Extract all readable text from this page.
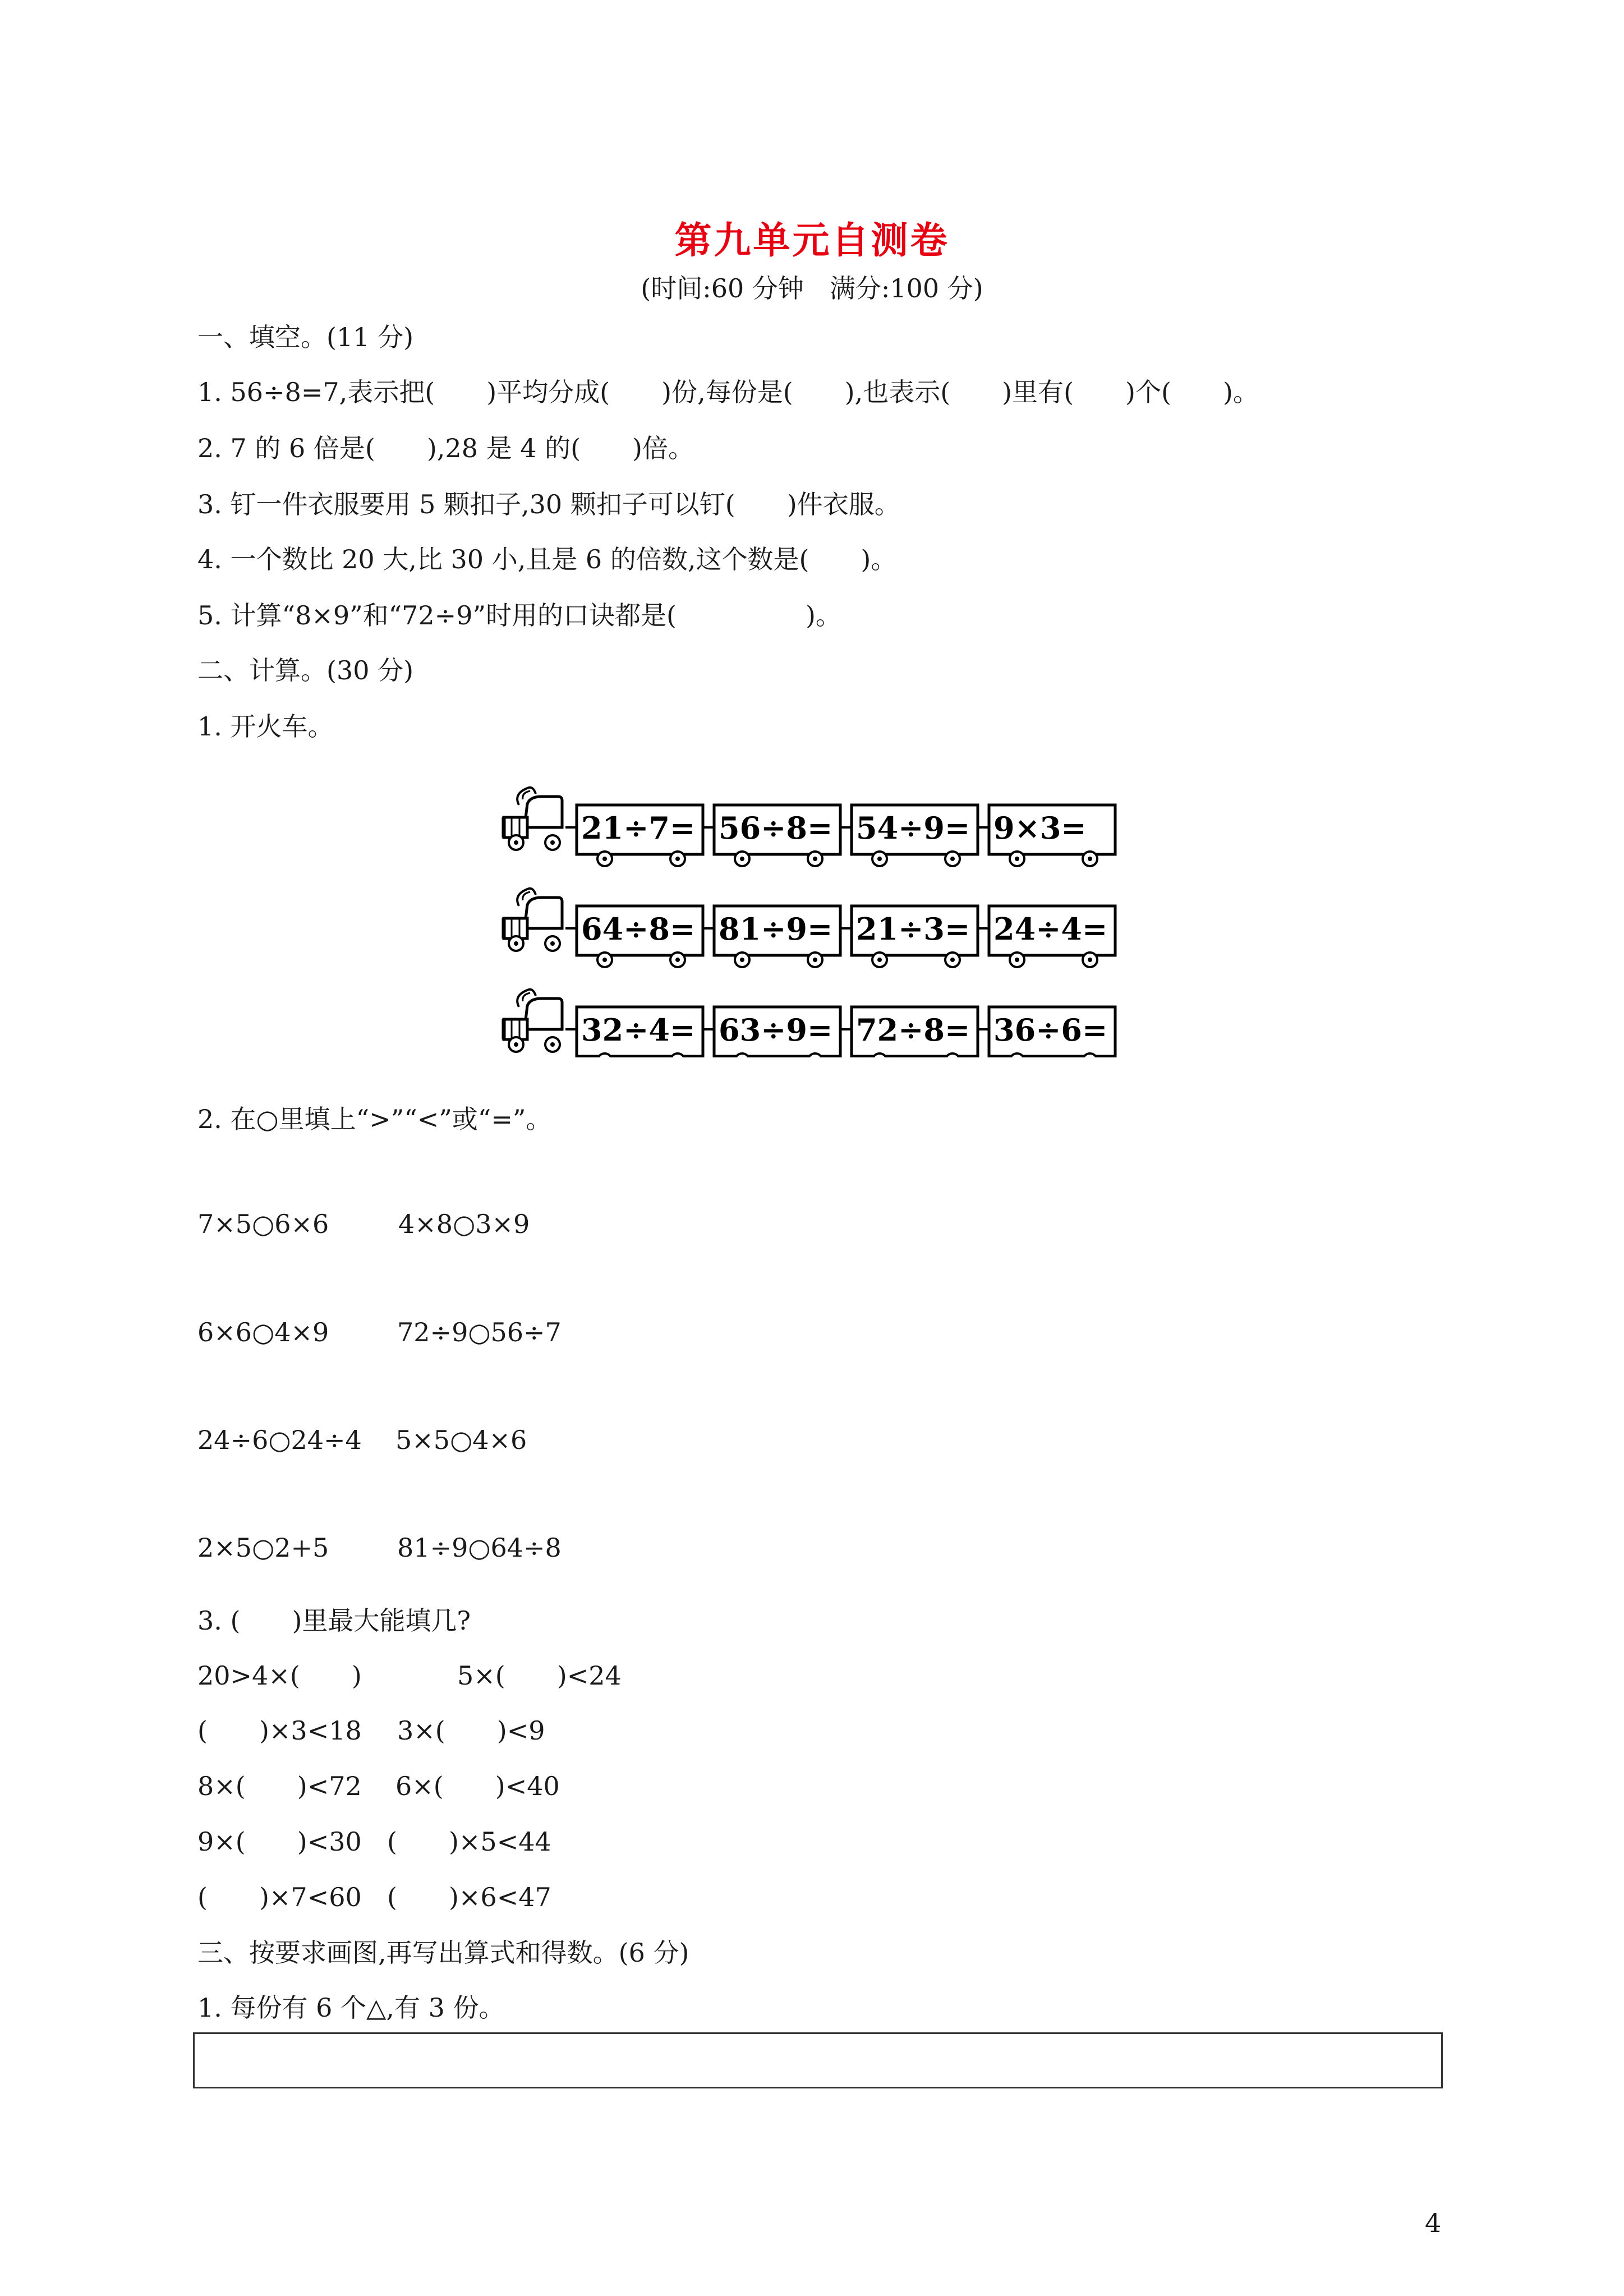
第九单元自测卷
(时间:60 分钟　满分:100 分)
一、填空。(11 分)
1. 56÷8=7,表示把(　　)平均分成(　　)份,每份是(　　),也表示(　　)里有(　　)个(　　)。
2. 7 的 6 倍是(　　),28 是 4 的(　　)倍。
3. 钉一件衣服要用 5 颗扣子,30 颗扣子可以钉(　　)件衣服。
4. 一个数比 20 大,比 30 小,且是 6 的倍数,这个数是(　　)。
5. 计算“8×9”和“72÷9”时用的口诀都是(　　　　　)。
二、计算。(30 分)
1. 开火车。
21÷7= 56÷8= 54÷9= 9×3=
64÷8= 81÷9= 21÷3= 24÷4=
32÷4= 63÷9= 72÷8= 36÷6=
2. 在○里填上“>”“<”或“=”。
7×5○6×6	4×8○3×9
6×6○4×9	72÷9○56÷7
24÷6○24÷4 5×5○4×6
2×5○2+5	81÷9○64÷8
3. (　　)里最大能填几?
20>4×(　　)	5×(　　)<24
(　　)×3<18 3×(　　)<9
8×(　　)<72 6×(　　)<40
9×(　　)<30 (　　)×5<44
(　　)×7<60 (　　)×6<47
三、按要求画图,再写出算式和得数。(6 分)
1. 每份有 6 个△,有 3 份。
4
